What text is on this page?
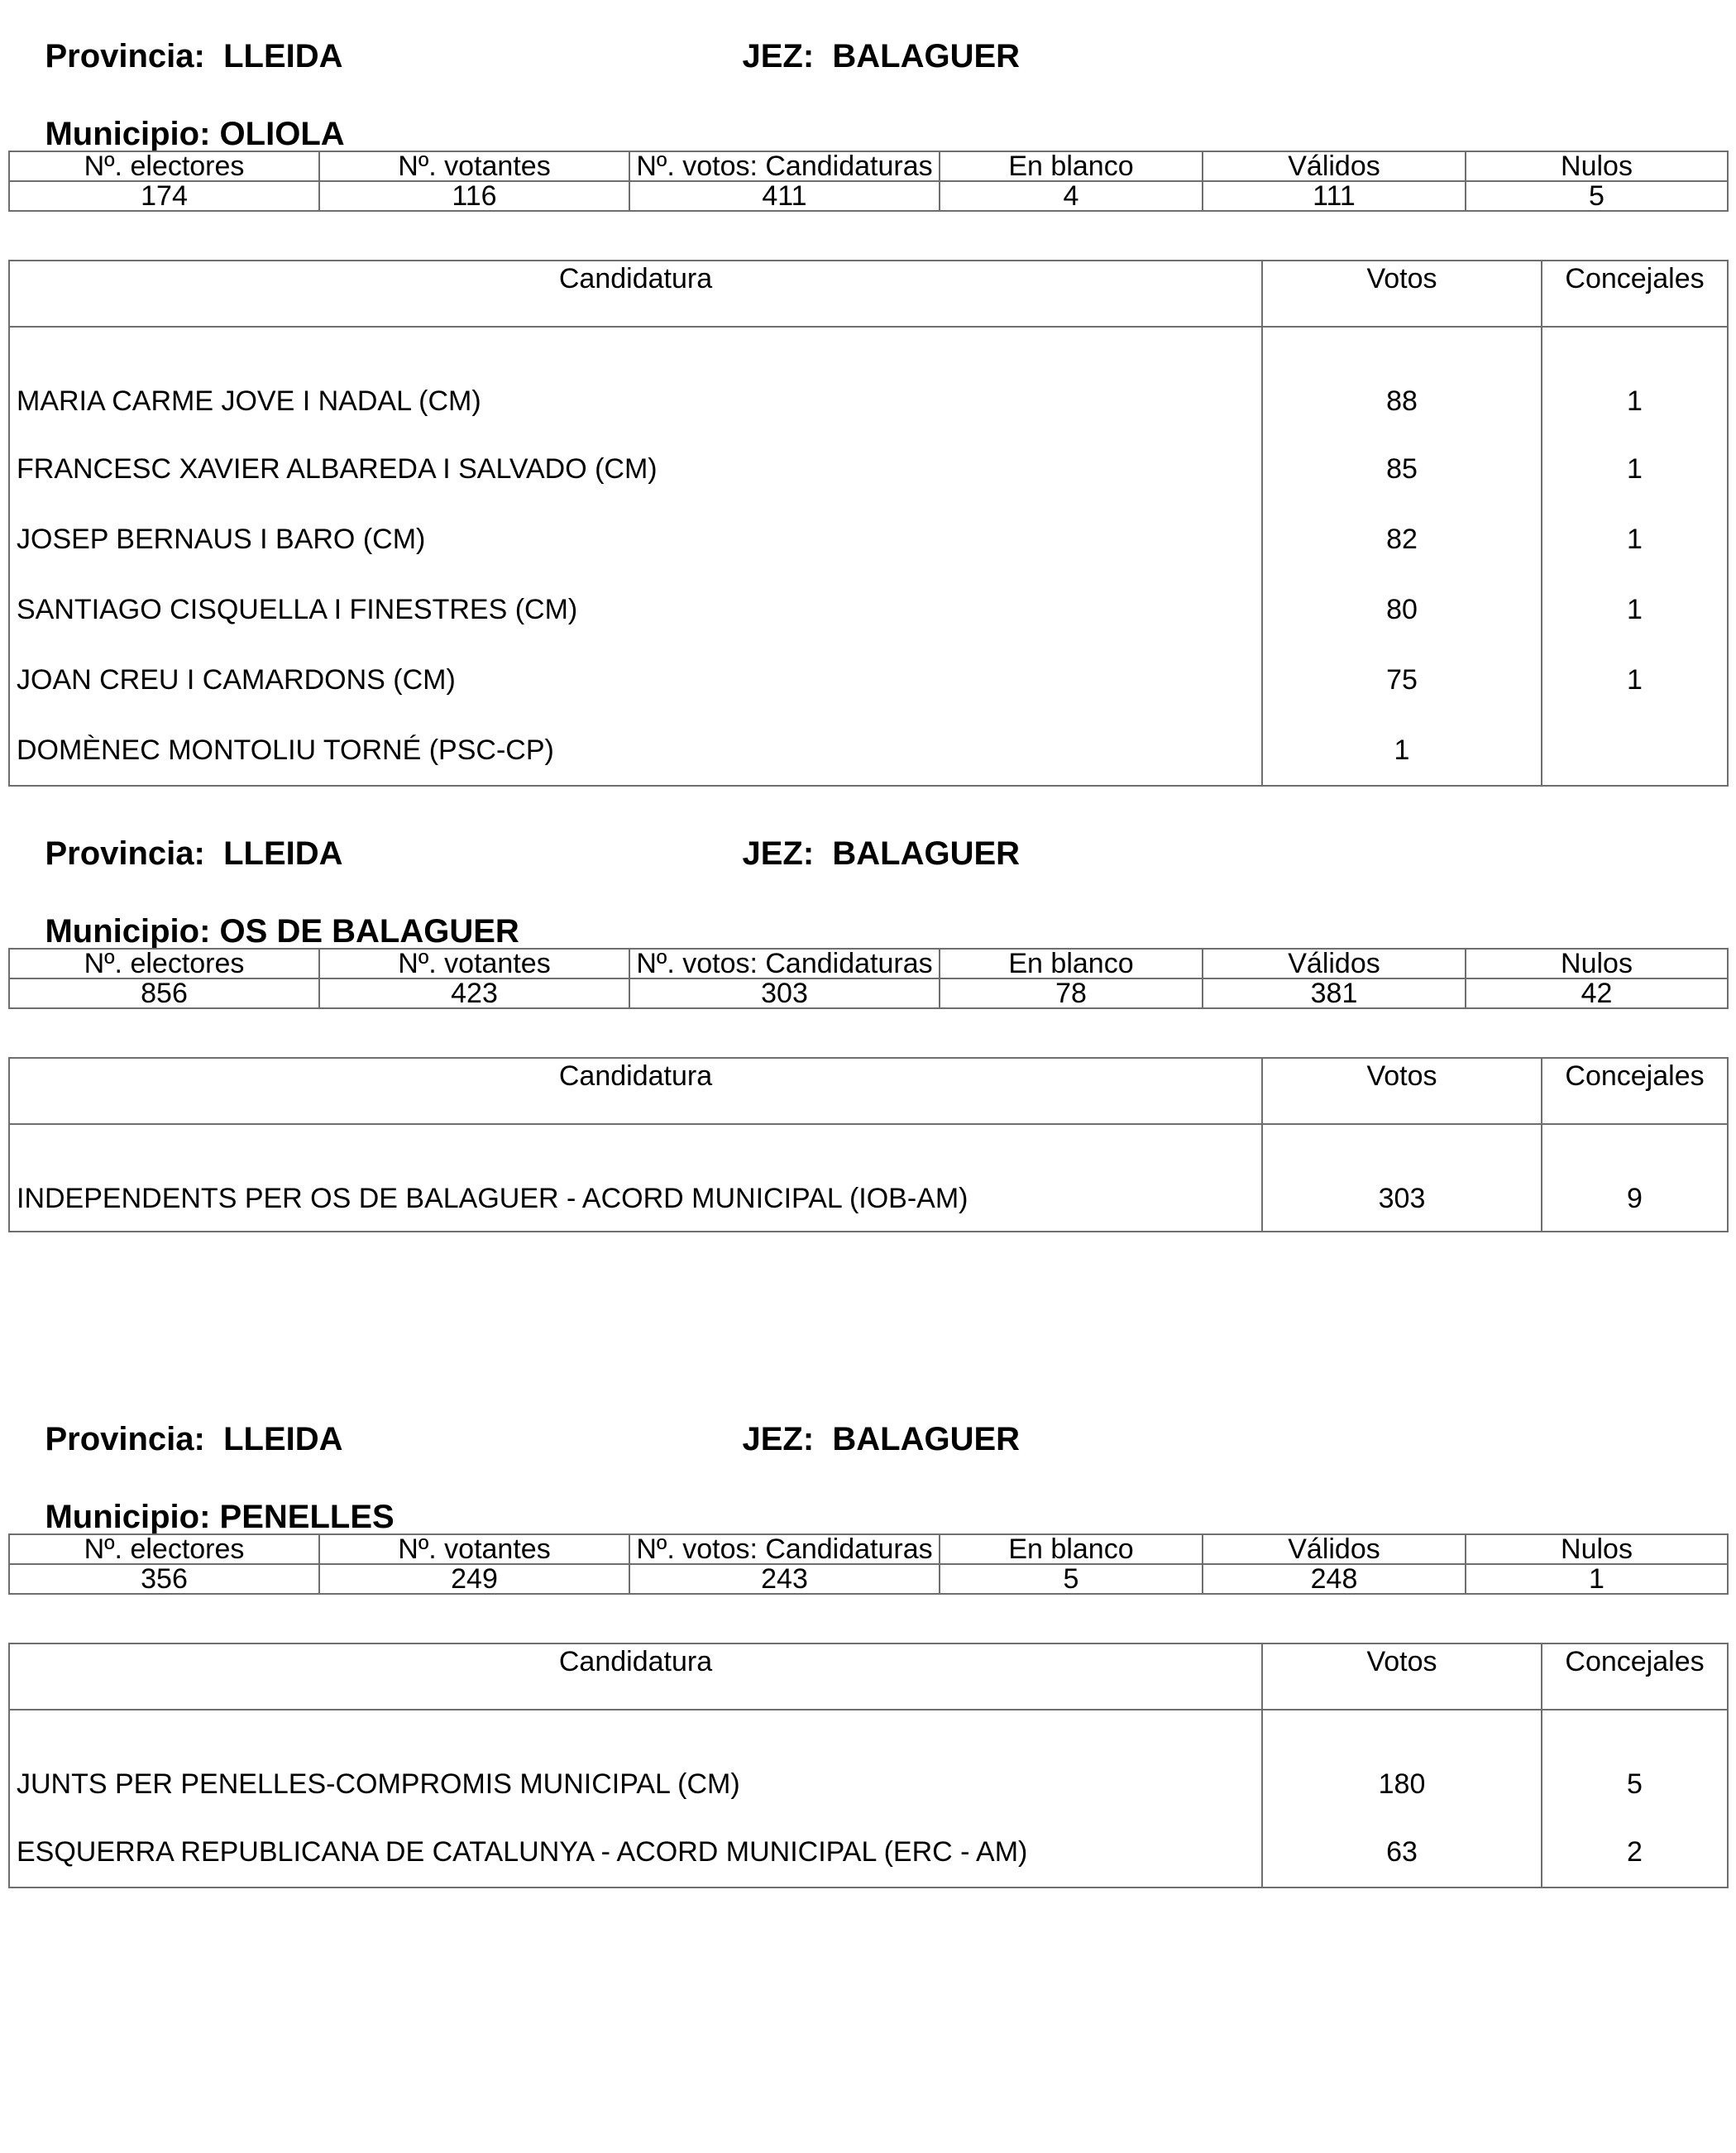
Provincia: LLEIDA
	JEZ: BALAGUER

Municipio: OLIOLA

Nº. electores	Nº. votantes	Nº. votos: Candidaturas	En blanco	Válidos	Nulos
174	116	411	4	111	5
Candidatura	Votos	Concejales
MARIA CARME JOVE I NADAL (CM)	88	1
FRANCESC XAVIER ALBAREDA I SALVADO (CM)	85	1
JOSEP BERNAUS I BARO (CM)	82	1
SANTIAGO CISQUELLA I FINESTRES (CM)	80	1
JOAN CREU I CAMARDONS (CM)	75	1
DOMÈNEC MONTOLIU TORNÉ (PSC-CP)	1	

Provincia: LLEIDA
	JEZ: BALAGUER

Municipio: OS DE BALAGUER

Nº. electores	Nº. votantes	Nº. votos: Candidaturas	En blanco	Válidos	Nulos
856	423	303	78	381	42
Candidatura	Votos	Concejales
INDEPENDENTS PER OS DE BALAGUER - ACORD MUNICIPAL (IOB-AM)	303	9

Provincia: LLEIDA
	JEZ: BALAGUER

Municipio: PENELLES

Nº. electores	Nº. votantes	Nº. votos: Candidaturas	En blanco	Válidos	Nulos
356	249	243	5	248	1
Candidatura	Votos	Concejales
JUNTS PER PENELLES-COMPROMIS MUNICIPAL (CM)	180	5
ESQUERRA REPUBLICANA DE CATALUNYA - ACORD MUNICIPAL (ERC - AM)	63	2
